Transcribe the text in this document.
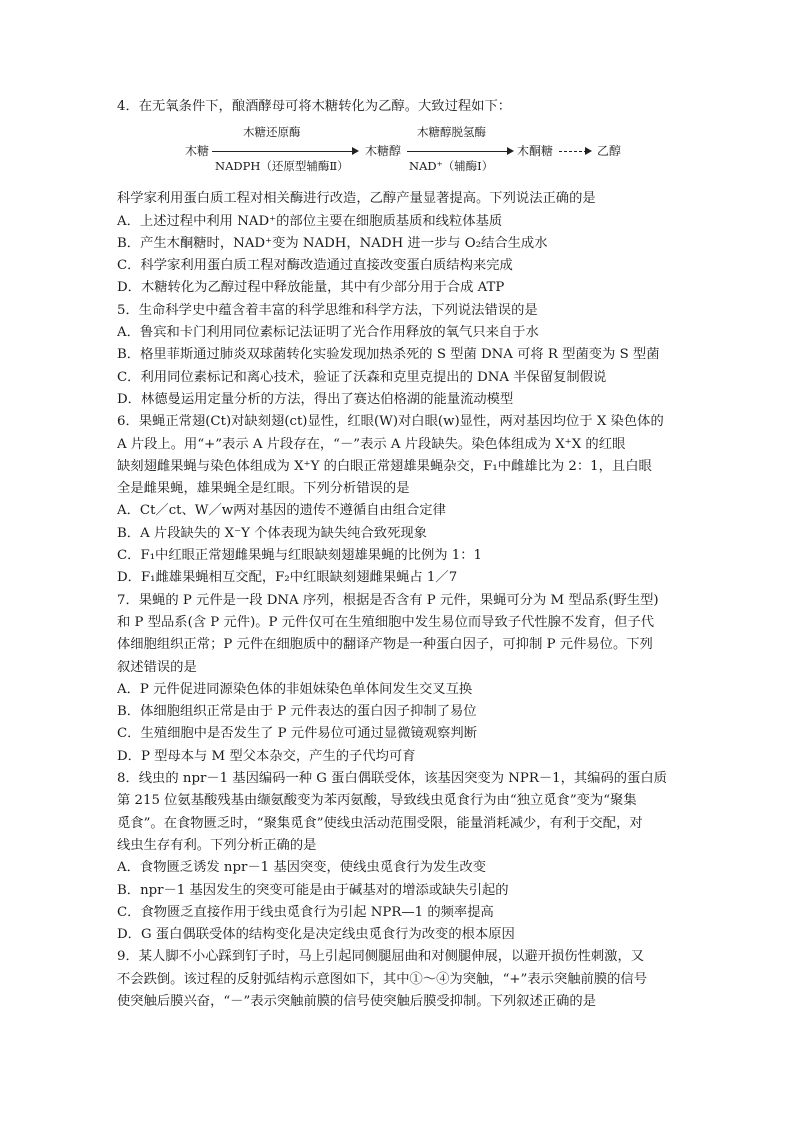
4．在无氧条件下，酿酒酵母可将木糖转化为乙醇。大致过程如下：
木糖
木糖还原酶
NADPH（还原型辅酶Ⅱ）
木糖醇
木糖醇脱氢酶
NAD⁺（辅酶Ⅰ）
木酮糖	乙醇
科学家利用蛋白质工程对相关酶进行改造，乙醇产量显著提高。下列说法正确的是
A．上述过程中利用 NAD⁺的部位主要在细胞质基质和线粒体基质
B．产生木酮糖时，NAD⁺变为 NADH，NADH 进一步与 O₂结合生成水
C．科学家利用蛋白质工程对酶改造通过直接改变蛋白质结构来完成
D．木糖转化为乙醇过程中释放能量，其中有少部分用于合成 ATP
5．生命科学史中蕴含着丰富的科学思维和科学方法，下列说法错误的是
A．鲁宾和卡门利用同位素标记法证明了光合作用释放的氧气只来自于水
B．格里菲斯通过肺炎双球菌转化实验发现加热杀死的 S 型菌 DNA 可将 R 型菌变为 S 型菌
C．利用同位素标记和离心技术，验证了沃森和克里克提出的 DNA 半保留复制假说
D．林德曼运用定量分析的方法，得出了赛达伯格湖的能量流动模型
6．果蝇正常翅(Ct)对缺刻翅(ct)显性，红眼(W)对白眼(w)显性，两对基因均位于 X 染色体的
A 片段上。用“+”表示 A 片段存在，“－”表示 A 片段缺失。染色体组成为 X⁺X 的红眼
缺刻翅雌果蝇与染色体组成为 X⁺Y 的白眼正常翅雄果蝇杂交，F₁中雌雄比为 2：1，且白眼
全是雌果蝇，雄果蝇全是红眼。下列分析错误的是
A．Ct／ct、W／w两对基因的遗传不遵循自由组合定律
B．A 片段缺失的 X⁻Y 个体表现为缺失纯合致死现象
C．F₁中红眼正常翅雌果蝇与红眼缺刻翅雄果蝇的比例为 1：1
D．F₁雌雄果蝇相互交配，F₂中红眼缺刻翅雌果蝇占 1／7
7．果蝇的 P 元件是一段 DNA 序列，根据是否含有 P 元件，果蝇可分为 M 型品系(野生型)
和 P 型品系(含 P 元件)。P 元件仅可在生殖细胞中发生易位而导致子代性腺不发育，但子代
体细胞组织正常；P 元件在细胞质中的翻译产物是一种蛋白因子，可抑制 P 元件易位。下列
叙述错误的是
A．P 元件促进同源染色体的非姐妹染色单体间发生交叉互换
B．体细胞组织正常是由于 P 元件表达的蛋白因子抑制了易位
C．生殖细胞中是否发生了 P 元件易位可通过显微镜观察判断
D．P 型母本与 M 型父本杂交，产生的子代均可育
8．线虫的 npr－1 基因编码一种 G 蛋白偶联受体，该基因突变为 NPR－1，其编码的蛋白质
第 215 位氨基酸残基由缬氨酸变为苯丙氨酸，导致线虫觅食行为由“独立觅食”变为“聚集
觅食”。在食物匮乏时，“聚集觅食”使线虫活动范围受限，能量消耗减少，有利于交配，对
线虫生存有利。下列分析正确的是
A．食物匮乏诱发 npr－1 基因突变，使线虫觅食行为发生改变
B．npr－1 基因发生的突变可能是由于碱基对的增添或缺失引起的
C．食物匮乏直接作用于线虫觅食行为引起 NPR—1 的频率提高
D．G 蛋白偶联受体的结构变化是决定线虫觅食行为改变的根本原因
9．某人脚不小心踩到钉子时，马上引起同侧腿屈曲和对侧腿伸展，以避开损伤性刺激，又
不会跌倒。该过程的反射弧结构示意图如下，其中①～④为突触，“+”表示突触前膜的信号
使突触后膜兴奋，“－”表示突触前膜的信号使突触后膜受抑制。下列叙述正确的是
